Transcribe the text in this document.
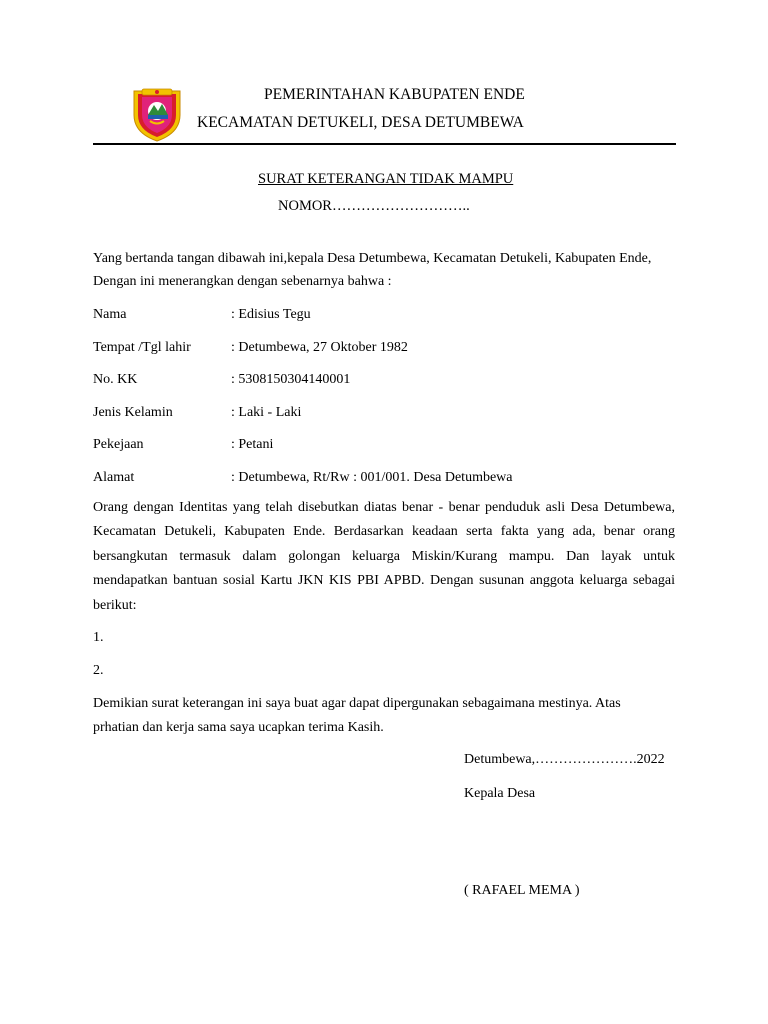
PEMERINTAHAN KABUPATEN ENDE
KECAMATAN DETUKELI, DESA DETUMBEWA
SURAT KETERANGAN TIDAK MAMPU
NOMOR………………………..
Yang bertanda tangan dibawah ini,kepala Desa Detumbewa, Kecamatan Detukeli, Kabupaten Ende,
Dengan ini menerangkan dengan sebenarnya bahwa :
Nama	: Edisius Tegu
Tempat /Tgl lahir	: Detumbewa, 27 Oktober 1982
No. KK	: 5308150304140001
Jenis Kelamin	: Laki - Laki
Pekejaan	: Petani
Alamat	: Detumbewa, Rt/Rw : 001/001. Desa Detumbewa

Orang dengan Identitas yang telah disebutkan diatas benar - benar penduduk asli Desa Detumbewa, Kecamatan Detukeli, Kabupaten Ende. Berdasarkan keadaan serta fakta yang ada, benar orang bersangkutan termasuk dalam golongan keluarga Miskin/Kurang mampu. Dan layak untuk mendapatkan bantuan sosial Kartu JKN KIS PBI APBD. Dengan susunan anggota keluarga sebagai berikut:

1.
2.
Demikian surat keterangan ini saya buat agar dapat dipergunakan sebagaimana mestinya. Atas
prhatian dan kerja sama saya ucapkan terima Kasih.
Detumbewa,………………….2022
Kepala Desa
( RAFAEL MEMA )
